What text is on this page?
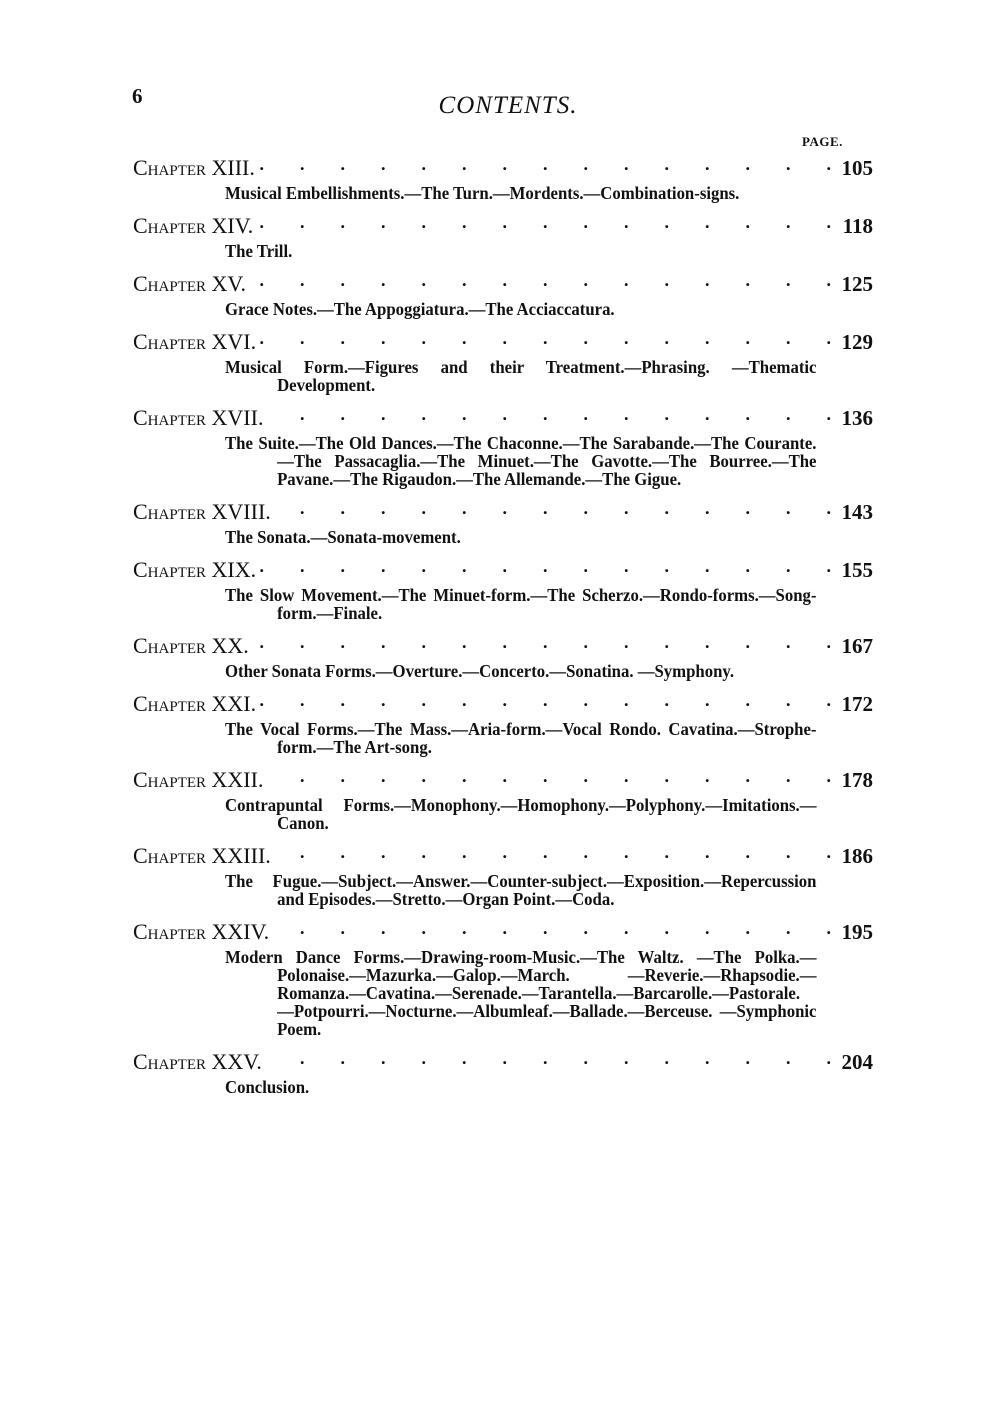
6	CONTENTS.
PAGE.
Chapter XIII. .  . 	105
Musical Embellishments.—The Turn.—Mordents.—Combination-signs.
Chapter XIV. .  . 	118
The Trill.
Chapter XV. .  . 	125
Grace Notes.—The Appoggiatura.—The Acciaccatura.
Chapter XVI. .  . 	129
Musical Form.—Figures and their Treatment.—Phrasing. —Thematic Development.
Chapter XVII. .  . 	136
The Suite.—The Old Dances.—The Chaconne.—The Sarabande.—The Courante.—The Passacaglia.—The Minuet.—The Gavotte.—The Bourree.—The Pavane.—The Rigaudon.—The Allemande.—The Gigue.
Chapter XVIII. .  . 	143
The Sonata.—Sonata-movement.
Chapter XIX. .  . 	155
The Slow Movement.—The Minuet-form.—The Scherzo.—Rondo-forms.—Song-form.—Finale.
Chapter XX. .  . 	167
Other Sonata Forms.—Overture.—Concerto.—Sonatina. —Symphony.
Chapter XXI. .  . 	172
The Vocal Forms.—The Mass.—Aria-form.—Vocal Rondo. Cavatina.—Strophe-form.—The Art-song.
Chapter XXII. .  . 	178
Contrapuntal Forms.—Monophony.—Homophony.—Polyphony.—Imitations.—Canon.
Chapter XXIII. .  . 	186
The Fugue.—Subject.—Answer.—Counter-subject.—Exposition.—Repercussion and Episodes.—Stretto.—Organ Point.—Coda.
Chapter XXIV. .  . 	195
Modern Dance Forms.—Drawing-room-Music.—The Waltz. —The Polka.—Polonaise.—Mazurka.—Galop.—March. —Reverie.—Rhapsodie.—Romanza.—Cavatina.—Serenade.—Tarantella.—Barcarolle.—Pastorale.—Potpourri.—Nocturne.—Albumleaf.—Ballade.—Berceuse. —Symphonic Poem.
Chapter XXV. .  . 	204
Conclusion.
